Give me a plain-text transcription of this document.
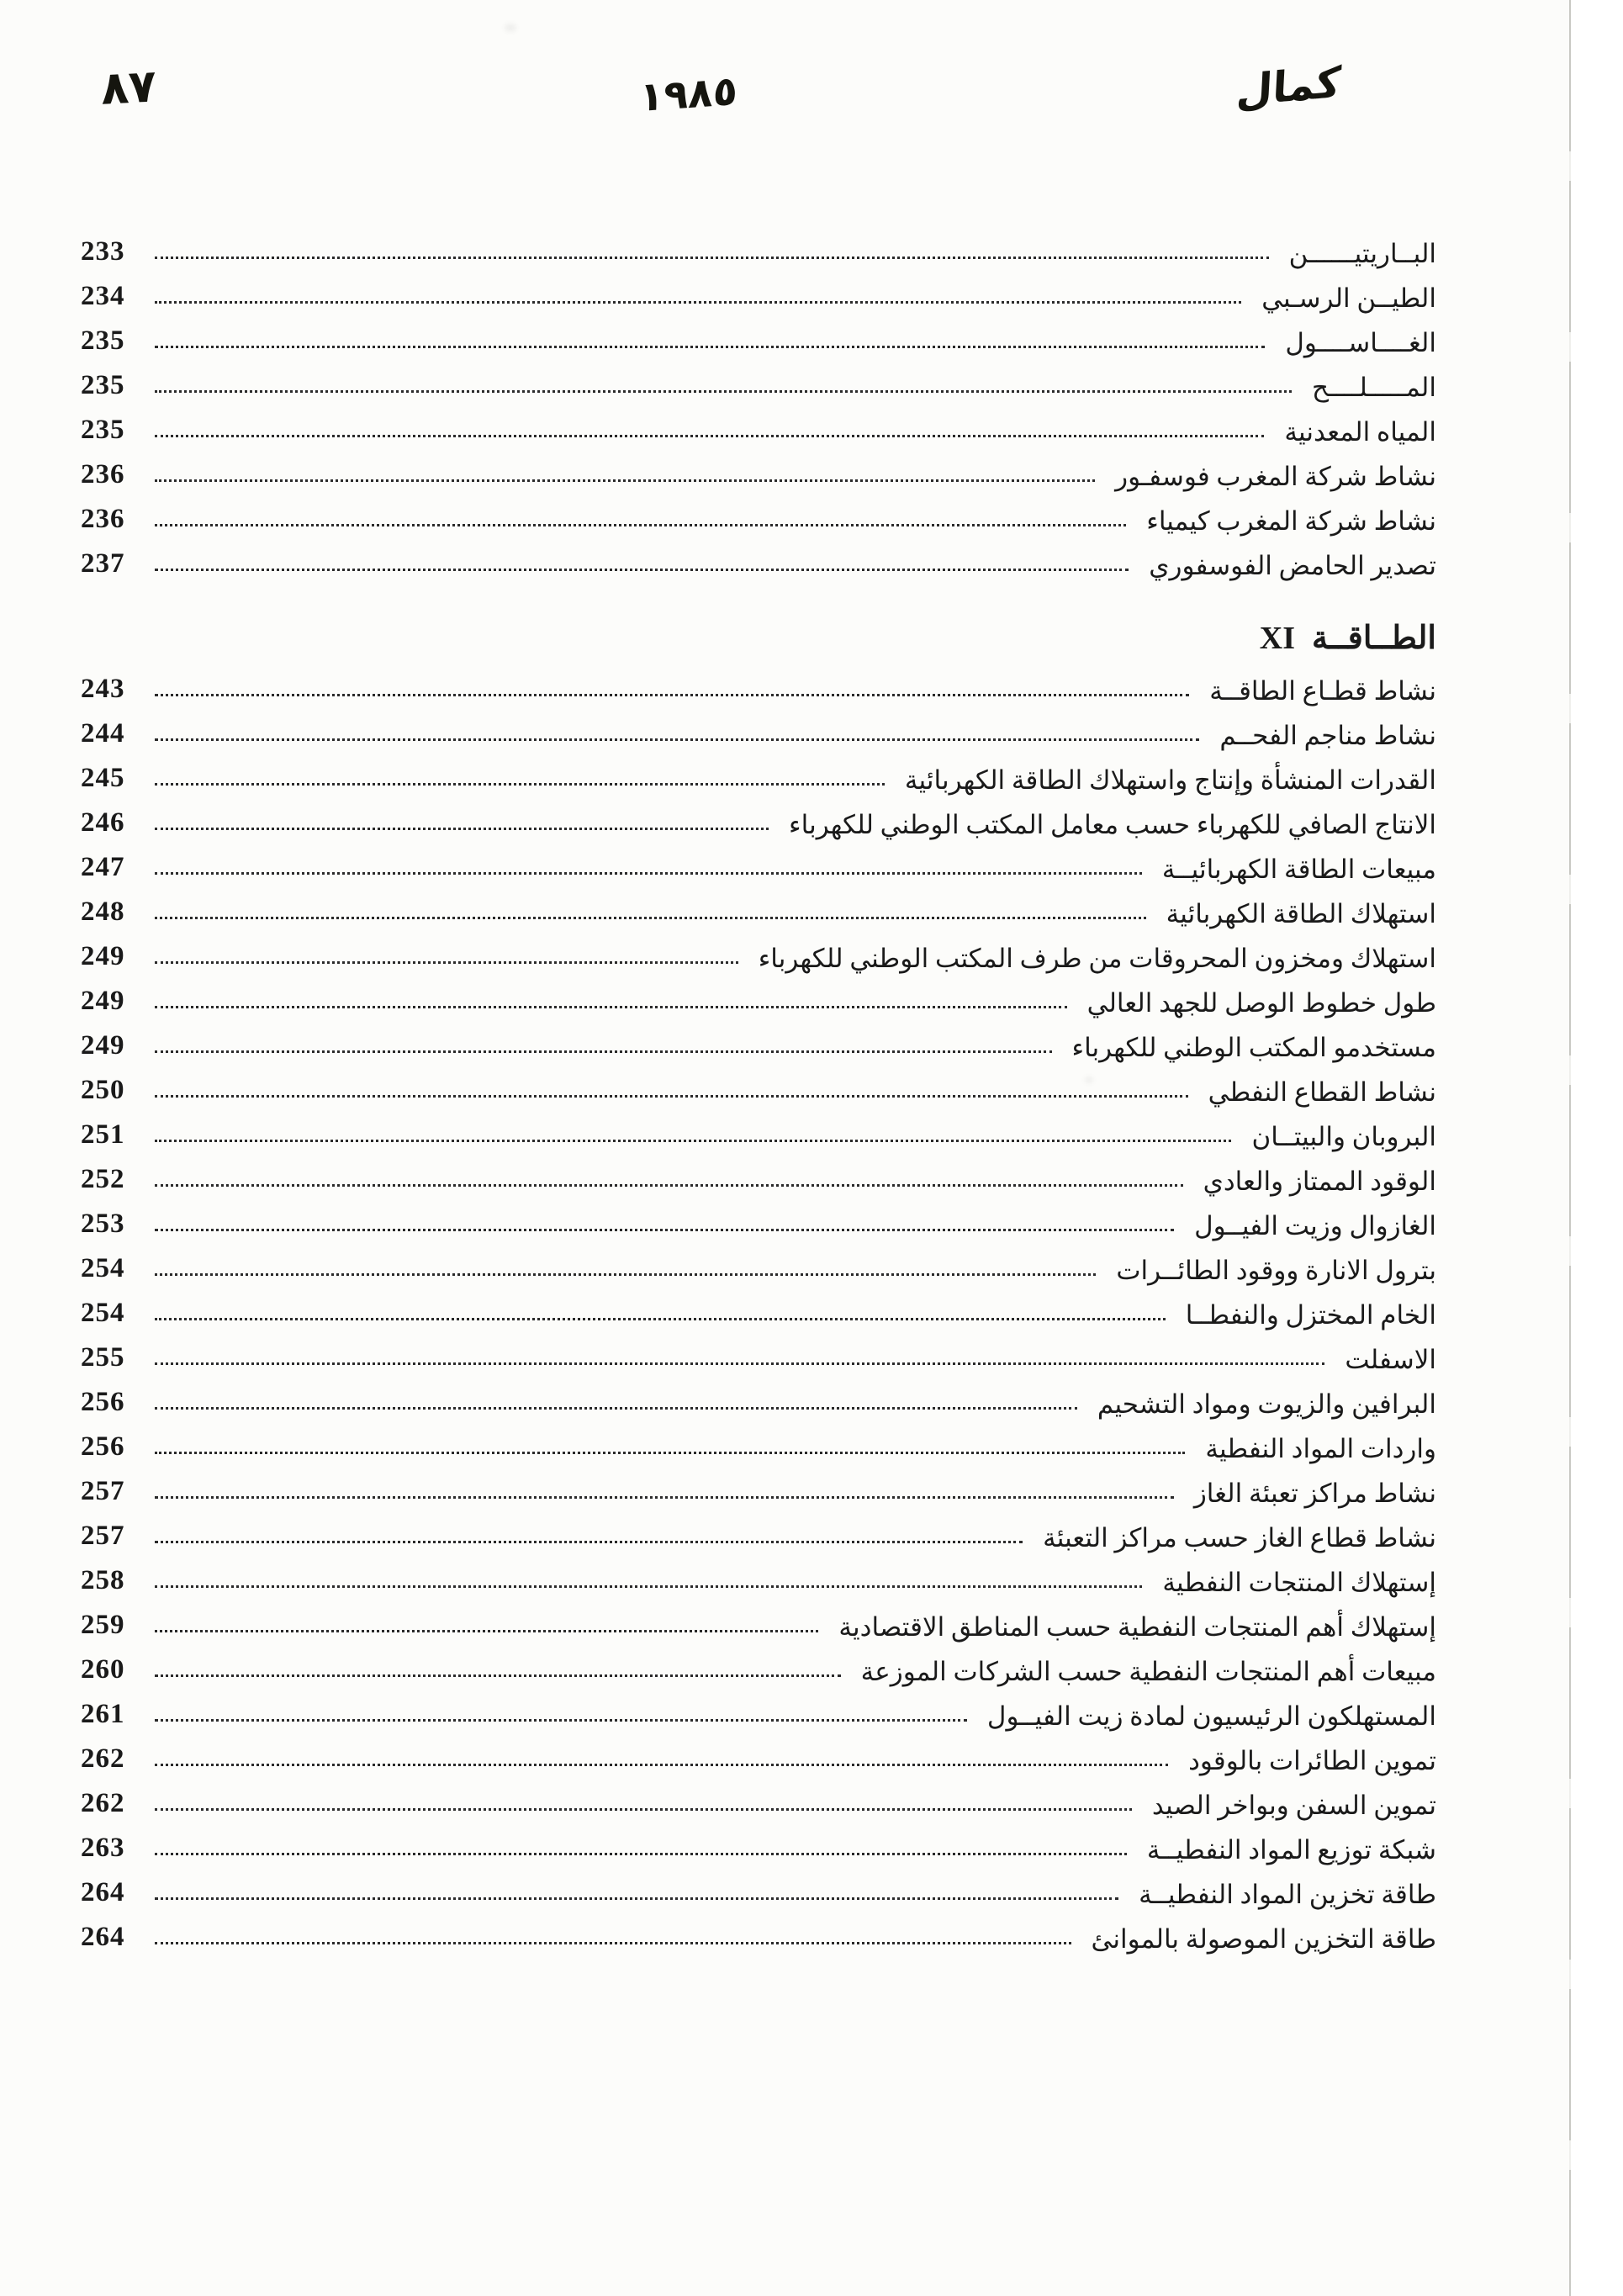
٨٧	١٩٨٥	كمال
البــاريتيــــــن
233
الطيــن الرسـبي
234
الغــــاســــول
235
المـــــلــــح
235
المياه المعدنية
235
نشاط شركة المغرب فوسفـور
236
نشاط شركة المغرب كيمياء
236
تصدير الحامض الفوسفوري
237
الطــاقــة
XI
نشاط قطـاع الطاقــة
243
نشاط مناجم الفحــم
244
القدرات المنشأة وإنتاج واستهلاك الطاقة الكهربائية
245
الانتاج الصافي للكهرباء حسب معامل المكتب الوطني للكهرباء
246
مبيعات الطاقة الكهربائيــة
247
استهلاك الطاقة الكهربائية
248
استهلاك ومخزون المحروقات من طرف المكتب الوطني للكهرباء
249
طول خطوط الوصل للجهد العالي
249
مستخدمو المكتب الوطني للكهرباء
249
نشاط القطاع النفطي
250
البروبان والبيتــان
251
الوقود الممتاز والعادي
252
الغازوال وزيت الفيــول
253
بترول الانارة ووقود الطائــرات
254
الخام المختزل والنفطــا
254
الاسفلت
255
البرافين والزيوت ومواد التشحيم
256
واردات المواد النفطية
256
نشاط مراكز تعبئة الغاز
257
نشاط قطاع الغاز حسب مراكز التعبئة
257
إستهلاك المنتجات النفطية
258
إستهلاك أهم المنتجات النفطية حسب المناطق الاقتصادية
259
مبيعات أهم المنتجات النفطية حسب الشركات الموزعة
260
المستهلكون الرئيسيون لمادة زيت الفيــول
261
تموين الطائرات بالوقود
262
تموين السفن وبواخر الصيد
262
شبكة توزيع المواد النفطيــة
263
طاقة تخزين المواد النفطيــة
264
طاقة التخزين الموصولة بالموانئ
264
